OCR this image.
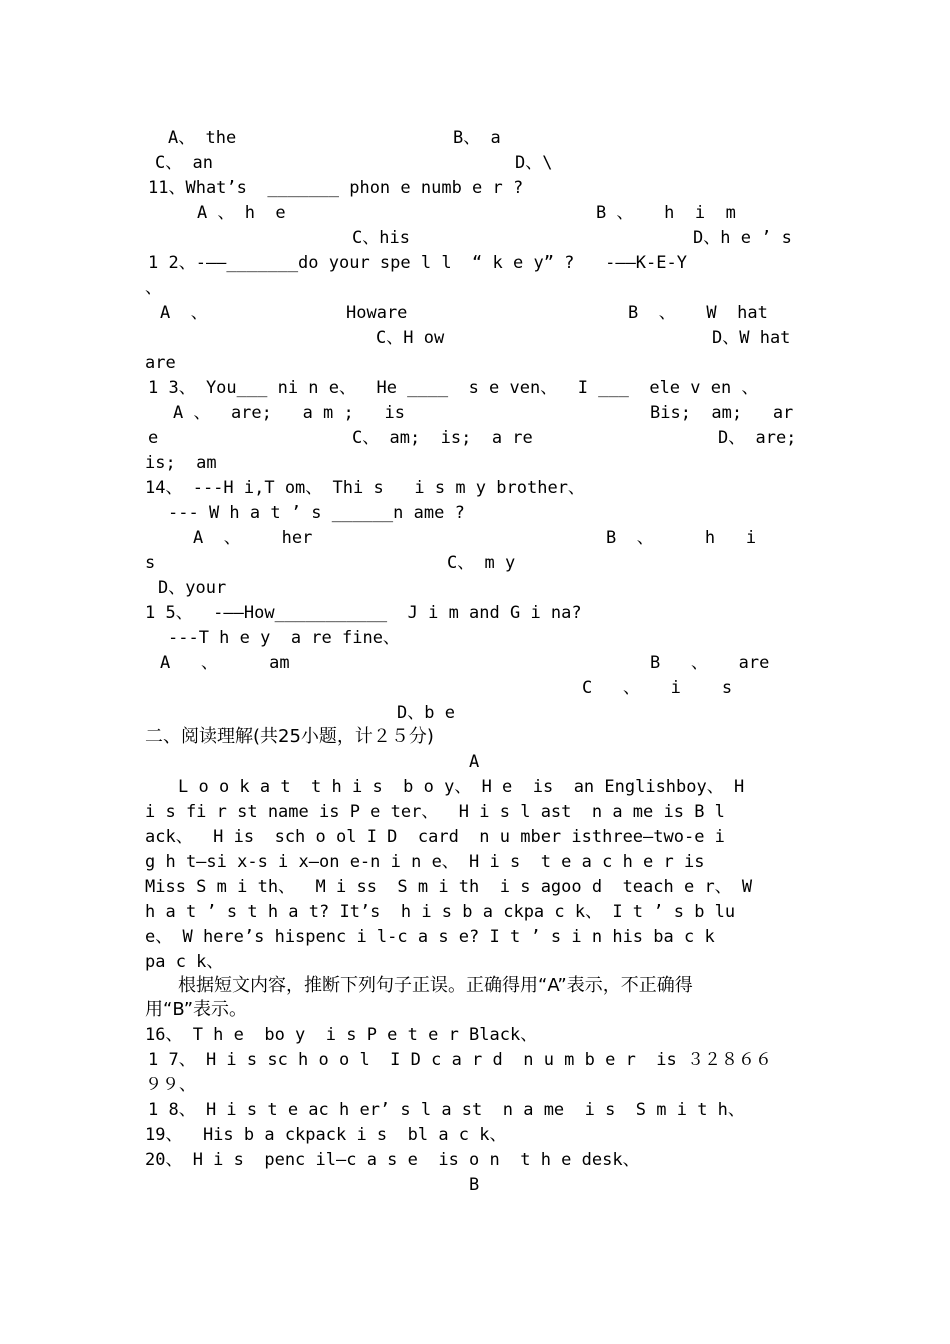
A、 the	B、 a
C、 an	D、\
11、What’s  _______ phon e numb e r ?
A 、 h  e	B 、   h  i  m
C、his	D、h e ’ s
1 2、-——_______do your spe l l  “ k e y” ?   -——K-E-Y
、
A  、	Howare	B  、   W  hat
C、H ow	D、W hat
are
1 3、 You___ ni n e、  He ____  s e ven、  I ___  ele v en 、
A 、  are;   a m ;   is	Bis;  am;   ar
e	C、 am;  is;  a re	D、 are;
is;  am
14、 ---H i,T om、 Thi s   i s m y brother、
--- W h a t ’ s ______n ame ?
A  、    her	B  、     h   i
s	C、 m y
D、your
1 5、  -——How___________  J i m and G i na?
---T h e y  a re fine、
A   、     am	B   、   are
C   、   i    s
D、b e
二、阅读理解(共25小题，计２５分)
A
L o o k a t  t h i s  b o y、 H e  is  an Englishboy、 H
i s fi r st name is P e ter、  H i s l ast  n a me is B l
ack、  H is  sch o ol I D  card  n u mber isthree—two-e i
g h t—si x-s i x—on e-n i n e、 H i s  t e a c h e r is
Miss S m i th、  M i ss  S m i th  i s agoo d  teach e r、 W
h a t ’ s t h a t? It’s  h i s b a ckpa c k、 I t ’ s b lu
e、 W here’s hispenc i l-c a s e? I t ’ s i n his ba c k
pa c k、
根据短文内容，推断下列句子正误。正确得用“A”表示，不正确得
用“B”表示。
16、 T h e  bo y  i s P e t e r Black、
1 7、 H i s sc h o o l  I D c a r d  n u m b e r  is ３２８６６
９９、
1 8、 H i s t e ac h er’ s l a st  n a me  i s  S m i t h、
19、  His b a ckpack i s  bl a c k、
20、 H i s  penc il—c a s e  is o n  t h e desk、
B
